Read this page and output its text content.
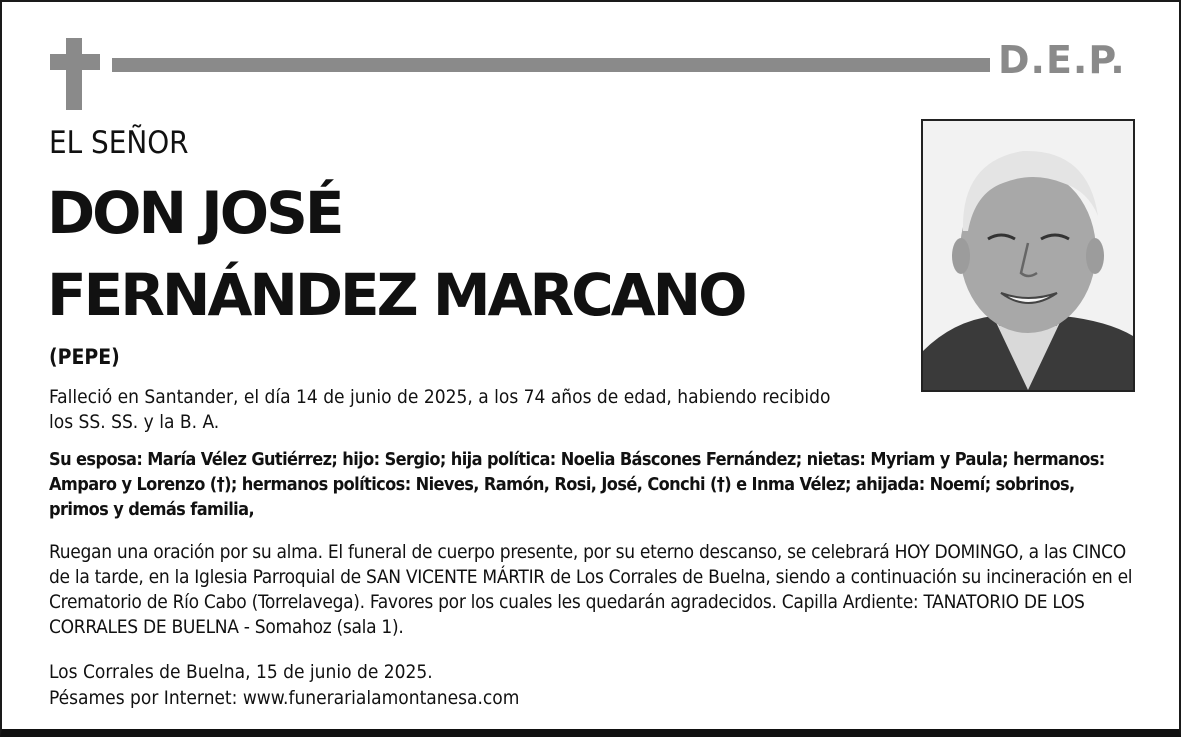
D.E.P.
EL SEÑOR
DON JOSÉ
FERNÁNDEZ MARCANO
(PEPE)

Falleció en Santander, el día 14 de junio de 2025, a los 74 años de edad, habiendo recibido los SS. SS. y la B. A.

Su esposa: María Vélez Gutiérrez; hijo: Sergio; hija política: Noelia Báscones Fernández; nietas: Myriam y Paula; hermanos: Amparo y Lorenzo (†); hermanos políticos: Nieves, Ramón, Rosi, José, Conchi (†) e Inma Vélez; ahijada: Noemí; sobrinos, primos y demás familia,

Ruegan una oración por su alma. El funeral de cuerpo presente, por su eterno descanso, se celebrará HOY DOMINGO, a las CINCO de la tarde, en la Iglesia Parroquial de SAN VICENTE MÁRTIR de Los Corrales de Buelna, siendo a continuación su incineración en el Crematorio de Río Cabo (Torrelavega). Favores por los cuales les quedarán agradecidos. Capilla Ardiente: TANATORIO DE LOS CORRALES DE BUELNA - Somahoz (sala 1).

Los Corrales de Buelna, 15 de junio de 2025.

Pésames por Internet: www.funerarialamontanesa.com
